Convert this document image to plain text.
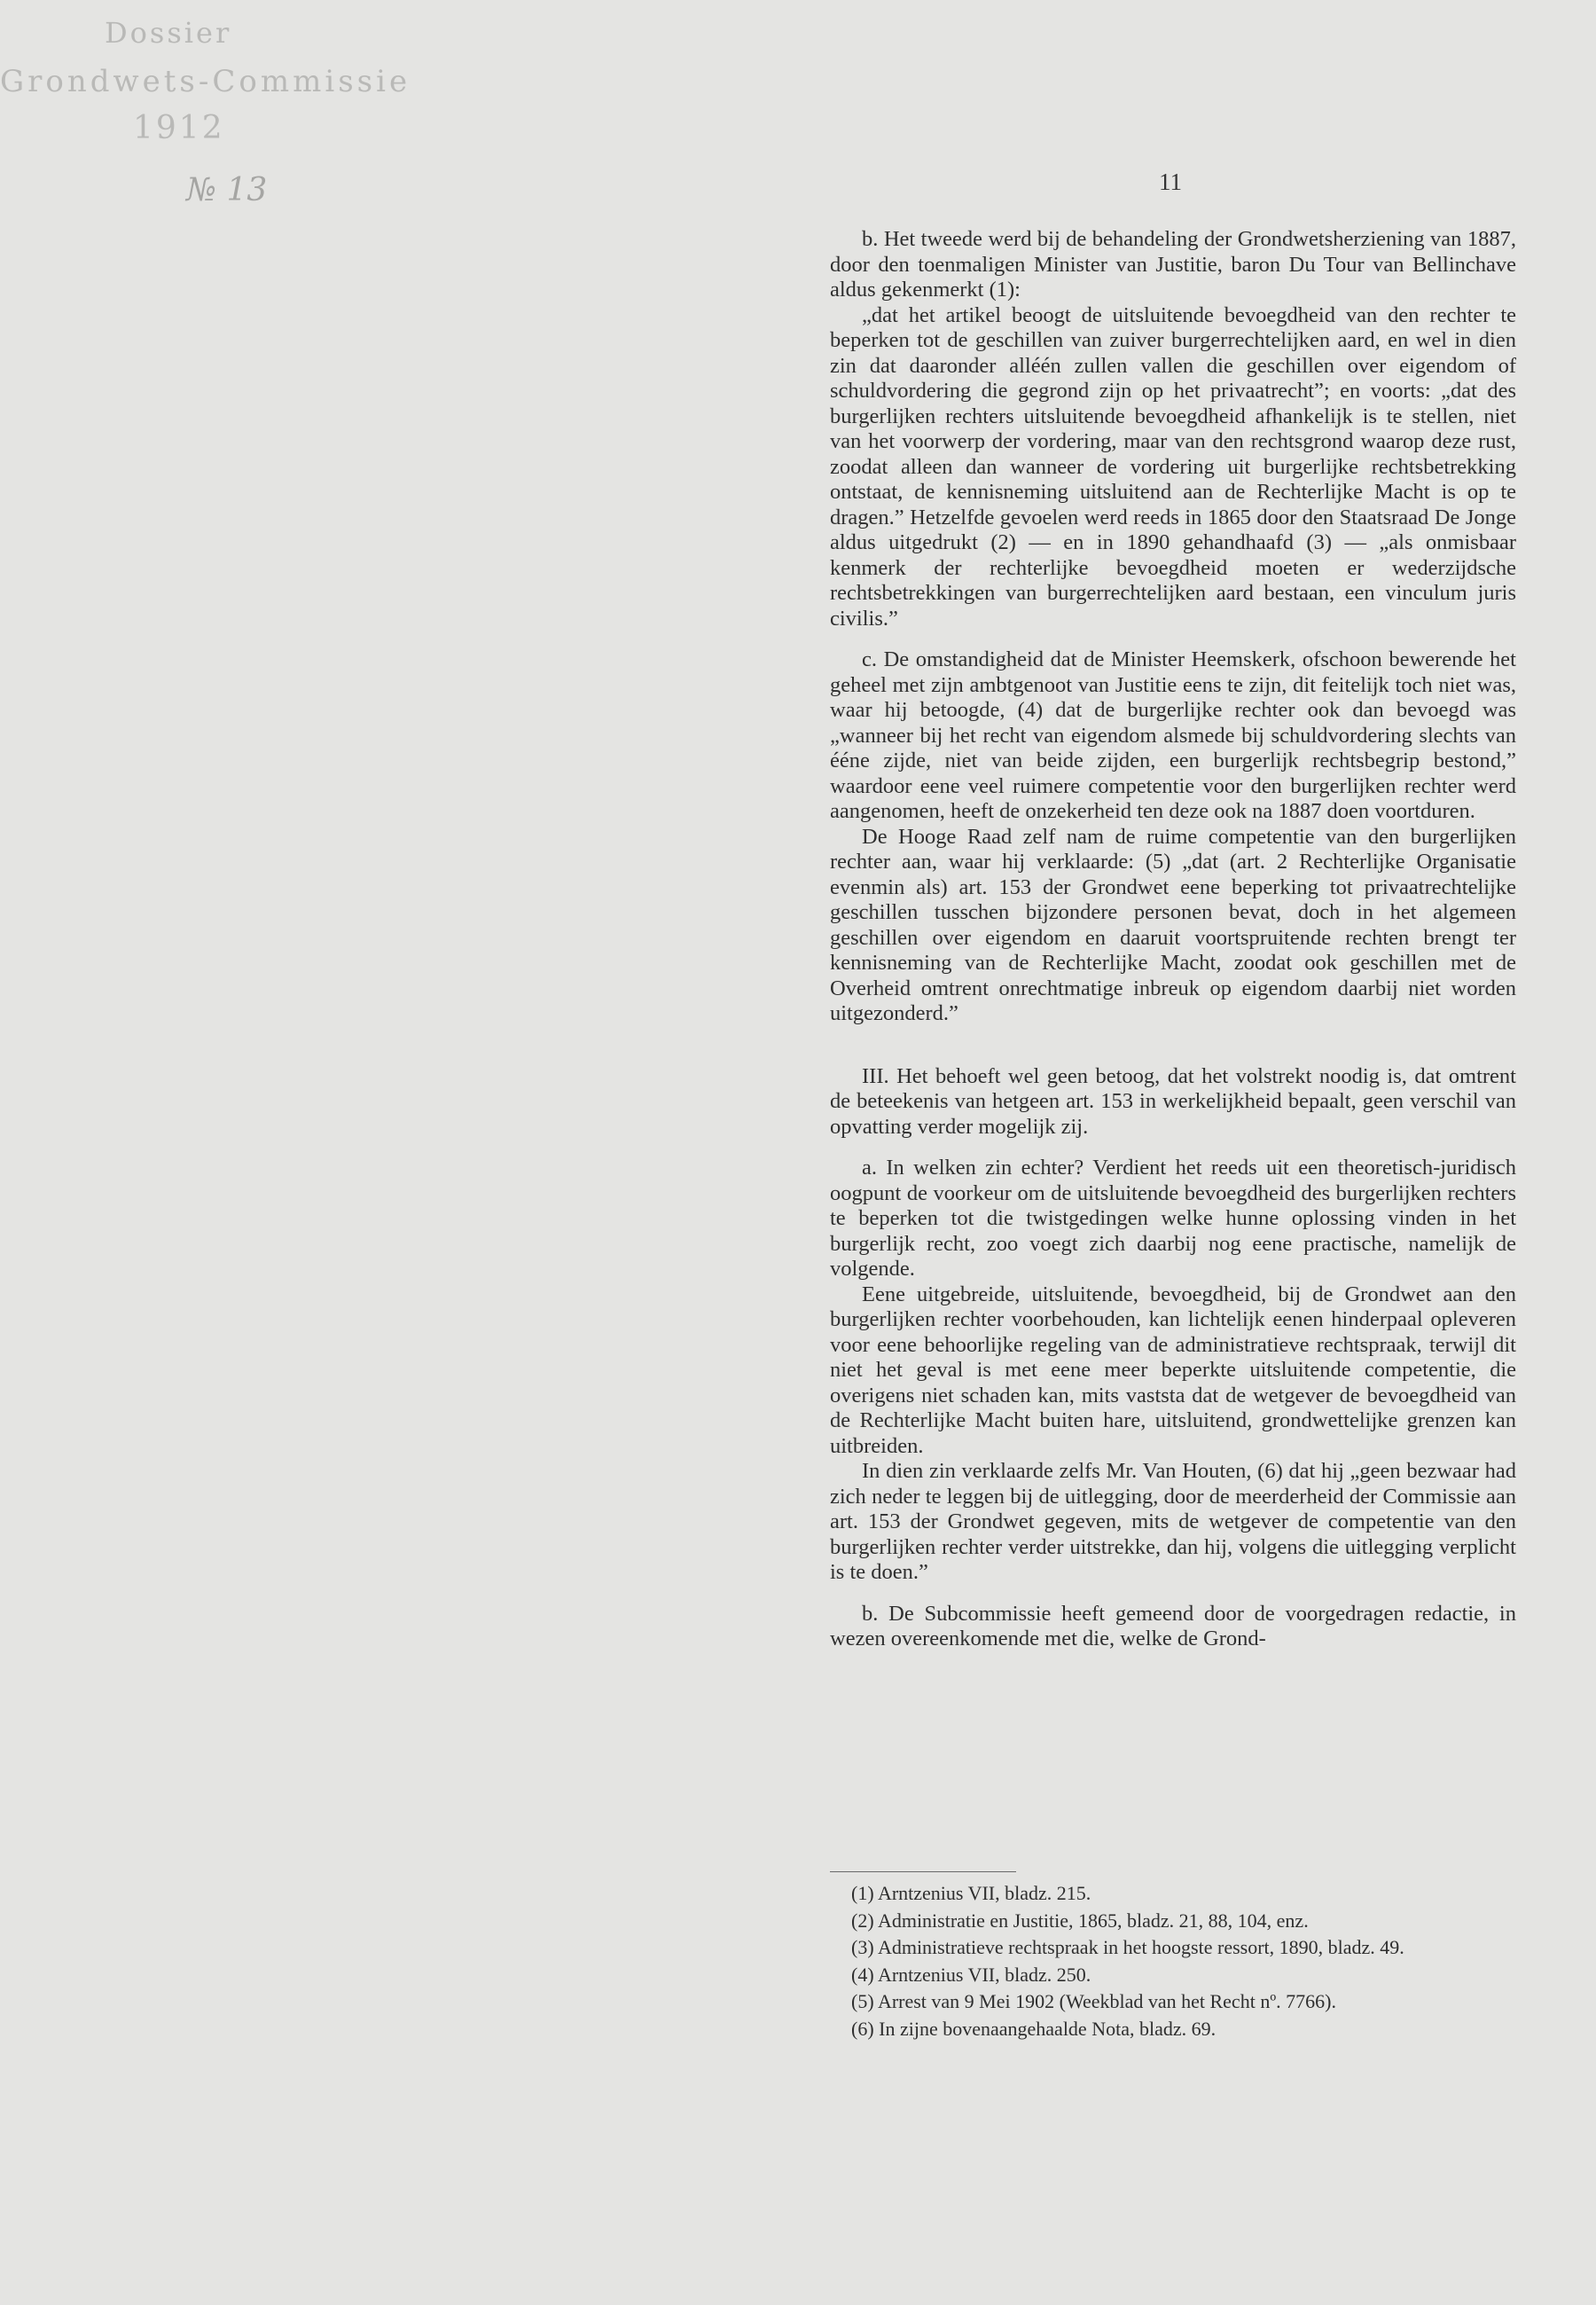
Dossier
Grondwets-Commissie
1912
№ 13	11

b. Het tweede werd bij de behandeling der Grondwetsherziening van 1887, door den toenmaligen Minister van Justitie, baron Du Tour van Bellinchave aldus gekenmerkt (1):

„dat het artikel beoogt de uitsluitende bevoegdheid van den rechter te beperken tot de geschillen van zuiver burgerrechtelijken aard, en wel in dien zin dat daaronder alléén zullen vallen die geschillen over eigendom of schuldvordering die gegrond zijn op het privaatrecht”; en voorts: „dat des burgerlijken rechters uitsluitende bevoegdheid afhankelijk is te stellen, niet van het voorwerp der vordering, maar van den rechtsgrond waarop deze rust, zoodat alleen dan wanneer de vordering uit burgerlijke rechtsbetrekking ontstaat, de kennisneming uitsluitend aan de Rechterlijke Macht is op te dragen.” Hetzelfde gevoelen werd reeds in 1865 door den Staatsraad De Jonge aldus uitgedrukt (2) — en in 1890 gehandhaafd (3) — „als onmisbaar kenmerk der rechterlijke bevoegdheid moeten er wederzijdsche rechtsbetrekkingen van burgerrechtelijken aard bestaan, een vinculum juris civilis.”

c. De omstandigheid dat de Minister Heemskerk, ofschoon bewerende het geheel met zijn ambtgenoot van Justitie eens te zijn, dit feitelijk toch niet was, waar hij betoogde, (4) dat de burgerlijke rechter ook dan bevoegd was „wanneer bij het recht van eigendom alsmede bij schuldvordering slechts van ééne zijde, niet van beide zijden, een burgerlijk rechtsbegrip bestond,” waardoor eene veel ruimere competentie voor den burgerlijken rechter werd aangenomen, heeft de onzekerheid ten deze ook na 1887 doen voortduren.

De Hooge Raad zelf nam de ruime competentie van den burgerlijken rechter aan, waar hij verklaarde: (5) „dat (art. 2 Rechterlijke Organisatie evenmin als) art. 153 der Grondwet eene beperking tot privaatrechtelijke geschillen tusschen bijzondere personen bevat, doch in het algemeen geschillen over eigendom en daaruit voortspruitende rechten brengt ter kennisneming van de Rechterlijke Macht, zoodat ook geschillen met de Overheid omtrent onrechtmatige inbreuk op eigendom daarbij niet worden uitgezonderd.”

III. Het behoeft wel geen betoog, dat het volstrekt noodig is, dat omtrent de beteekenis van hetgeen art. 153 in werkelijkheid bepaalt, geen verschil van opvatting verder mogelijk zij.

a. In welken zin echter? Verdient het reeds uit een theoretisch-juridisch oogpunt de voorkeur om de uitsluitende bevoegdheid des burgerlijken rechters te beperken tot die twistgedingen welke hunne oplossing vinden in het burgerlijk recht, zoo voegt zich daarbij nog eene practische, namelijk de volgende.

Eene uitgebreide, uitsluitende, bevoegdheid, bij de Grondwet aan den burgerlijken rechter voorbehouden, kan lichtelijk eenen hinderpaal opleveren voor eene behoorlijke regeling van de administratieve rechtspraak, terwijl dit niet het geval is met eene meer beperkte uitsluitende competentie, die overigens niet schaden kan, mits vaststa dat de wetgever de bevoegdheid van de Rechterlijke Macht buiten hare, uitsluitend, grondwettelijke grenzen kan uitbreiden.

In dien zin verklaarde zelfs Mr. Van Houten, (6) dat hij „geen bezwaar had zich neder te leggen bij de uitlegging, door de meerderheid der Commissie aan art. 153 der Grondwet gegeven, mits de wetgever de competentie van den burgerlijken rechter verder uitstrekke, dan hij, volgens die uitlegging verplicht is te doen.”

b. De Subcommissie heeft gemeend door de voorgedragen redactie, in wezen overeenkomende met die, welke de Grond-

(1) Arntzenius VII, bladz. 215.
(2) Administratie en Justitie, 1865, bladz. 21, 88, 104, enz.
(3) Administratieve rechtspraak in het hoogste ressort, 1890, bladz. 49.
(4) Arntzenius VII, bladz. 250.
(5) Arrest van 9 Mei 1902 (Weekblad van het Recht nº. 7766).
(6) In zijne bovenaangehaalde Nota, bladz. 69.
